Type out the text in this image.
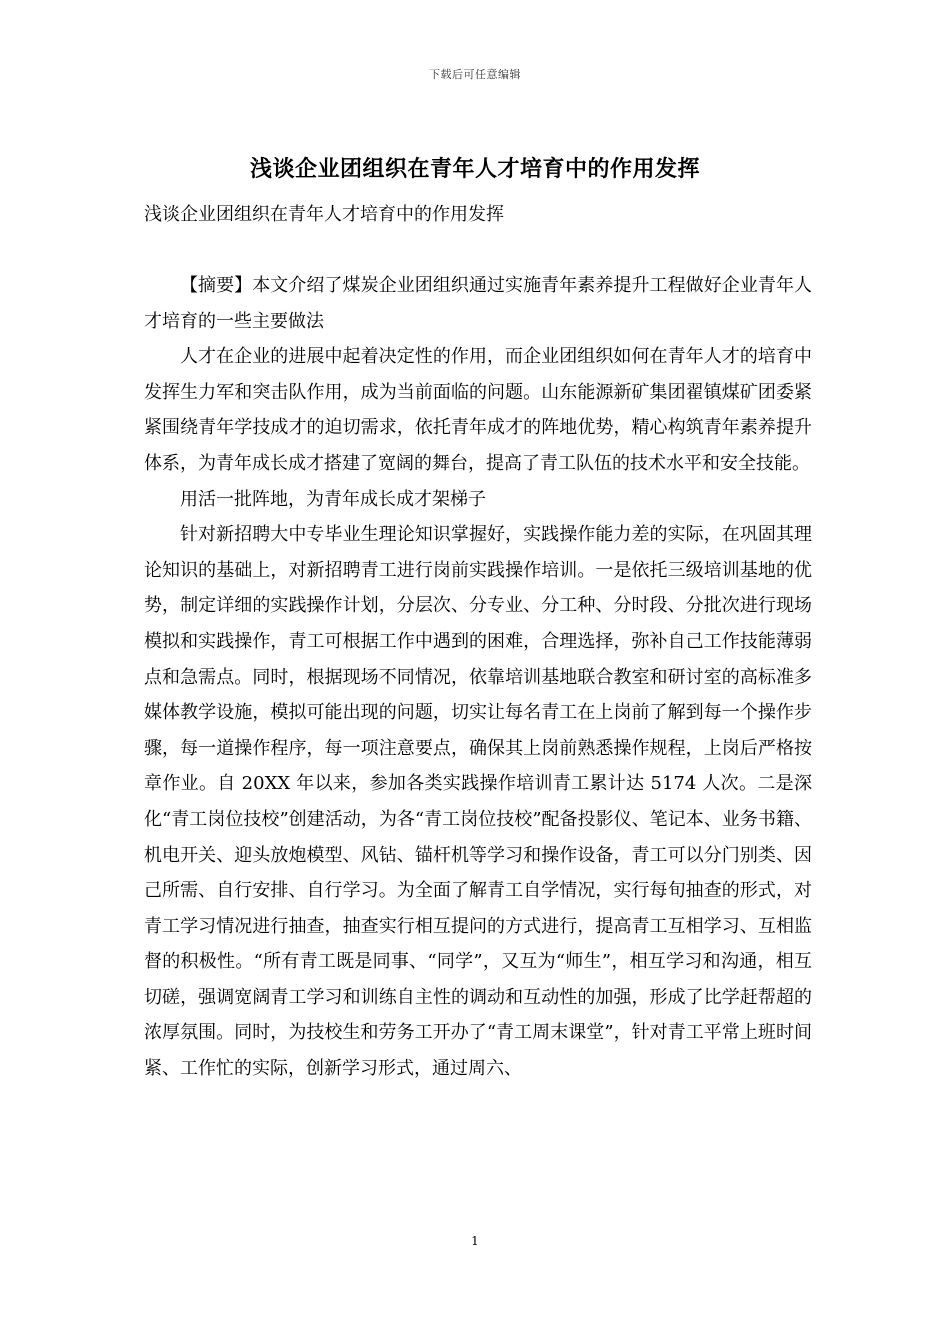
下载后可任意编辑
浅谈企业团组织在青年人才培育中的作用发挥
浅谈企业团组织在青年人才培育中的作用发挥

【摘要】本文介绍了煤炭企业团组织通过实施青年素养提升工程做好企业青年人才培育的一些主要做法

人才在企业的进展中起着决定性的作用，而企业团组织如何在青年人才的培育中发挥生力军和突击队作用，成为当前面临的问题。山东能源新矿集团翟镇煤矿团委紧紧围绕青年学技成才的迫切需求，依托青年成才的阵地优势，精心构筑青年素养提升体系，为青年成长成才搭建了宽阔的舞台，提高了青工队伍的技术水平和安全技能。

用活一批阵地，为青年成长成才架梯子

针对新招聘大中专毕业生理论知识掌握好，实践操作能力差的实际，在巩固其理论知识的基础上，对新招聘青工进行岗前实践操作培训。一是依托三级培训基地的优势，制定详细的实践操作计划，分层次、分专业、分工种、分时段、分批次进行现场模拟和实践操作，青工可根据工作中遇到的困难，合理选择，弥补自己工作技能薄弱点和急需点。同时，根据现场不同情况，依靠培训基地联合教室和研讨室的高标准多媒体教学设施，模拟可能出现的问题，切实让每名青工在上岗前了解到每一个操作步骤，每一道操作程序，每一项注意要点，确保其上岗前熟悉操作规程，上岗后严格按章作业。自 20XX 年以来，参加各类实践操作培训青工累计达 5174 人次。二是深化“青工岗位技校”创建活动，为各“青工岗位技校”配备投影仪、笔记本、业务书籍、机电开关、迎头放炮模型、风钻、锚杆机等学习和操作设备，青工可以分门别类、因己所需、自行安排、自行学习。为全面了解青工自学情况，实行每旬抽查的形式，对青工学习情况进行抽查，抽查实行相互提问的方式进行，提高青工互相学习、互相监督的积极性。“所有青工既是同事、“同学”，又互为“师生”，相互学习和沟通，相互切磋，强调宽阔青工学习和训练自主性的调动和互动性的加强，形成了比学赶帮超的浓厚氛围。同时，为技校生和劳务工开办了“青工周末课堂”，针对青工平常上班时间紧、工作忙的实际，创新学习形式，通过周六、

1
